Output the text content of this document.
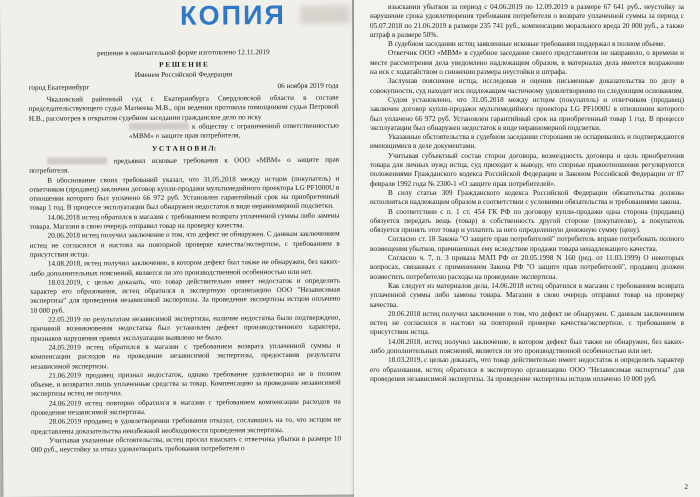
КОПИЯ

решение в окончательной форме изготовлено 12.11.2019

Р Е Ш Е Н И Е

Именем Российской Федерации

город Екатеринбург	06 ноября 2019 года

Чкаловский районный суд г. Екатеринбурга Свердловской области в составе председательствующего судьи Матвеева М.В., при ведении протокола помощником судьи Петровой Н.В., рассмотрев в открытом судебном заседании гражданское дело по иску

к обществу с ограниченной ответственностью «МВМ» о защите прав потребителя,

У С Т А Н О В И Л:

предъявил исковые требования к ООО «МВМ» о защите прав потребителя.

В обоснование своих требований указал, что 31.05.2018 между истцом (покупатель) и ответчиком (продавец) заключен договор купли-продажи мультимедийного проектора LG PF1000U в отношении которого был уплачено 66 972 руб. Установлен гарантийный срок на приобретенный товар 1 год. В процессе эксплуатации был обнаружен недостаток в виде неравномерной подсветки.

14.06.2018 истец обратился в магазин с требованием возврата уплаченной суммы либо замены товара. Магазин в свою очередь отправил товар на проверку качества.

20.06.2018 истец получил заключение о том, что дефект не обнаружен. С данным заключением истец не согласился и настоял на повторной проверке качества/экспертизе, с требованием в присутствии истца.

14.08.2018, истец получил заключение, в котором дефект был также не обнаружен, без каких-либо дополнительных пояснений, является ли это производственной особенностью или нет.

18.03.2019, с целью доказать, что товар действительно имеет недостаток и определить характер его образования, истец обратился в экспертную организацию ООО "Независимая экспертиза" для проведения независимой экспертизы. За проведение экспертизы истцом оплачено 10 000 руб.

22.05.2019 по результатам независимой экспертизы, наличие недостатка было подтверждено, причиной возникновения недостатка был установлен дефект производственного характера, признаков нарушения правил эксплуатации выявлено не было.

24.05.2019 истец обратился в магазин с требованием возврата уплаченной суммы и компенсации расходов на проведение независимой экспертизы, предоставив результаты независимой экспертизы.

21.06.2019 продавец признал недостаток, однако требование удовлетворил не в полном объеме, и возвратил лишь уплаченные средства за товар. Компенсацию за проведение независимой экспертизы истец не получил.

24.06.2019 истец повторно обратился в магазин с требованием компенсации расходов на проведение независимой экспертизы.

28.06.2019 продавец в удовлетворении требования отказал, сославшись на то, что истцом не представлены доказательства неизбежной необходимости проведения экспертизы.

Учитывая указанные обстоятельства, истец просил взыскать с ответчика убытки в размере 10 000 руб., неустойку за отказ удовлетворить требования потребителя о

взыскании убытков за период с 04.06.2019 по 12.09.2019 в размере 67 641 руб., неустойку за нарушение срока удовлетворения требования потребителя о возврате уплаченной суммы за период с 05.07.2018 по 21.06.2019 в размере 235 741 руб., компенсацию морального вреда 20 000 руб., а также штраф в размере 50%.

В судебном заседании истец заявленные исковые требования поддержал в полном объеме.

Ответчик ООО «МВМ» в судебное заседание своего представителя не направило, о времени и месте рассмотрения дела уведомлено надлежащим образом, в материалах дела имеется возражение на иск с ходатайством о снижении размера неустойки и штрафа.

Заслушав пояснения истца, исследовав и оценив письменные доказательства по делу в совокупности, суд находит иск подлежащим частичному удовлетворению по следующим основаниям.

Судом установлено, что 31.05.2018 между истцом (покупатель) и ответчиком (продавец) заключен договор купли-продажи мультимедийного проектора LG PF1000U в отношении которого был уплачено 66 972 руб. Установлен гарантийный срок на приобретенный товар 1 год. В процессе эксплуатации был обнаружен недостаток в виде неравномерной подсветки.

Указанные обстоятельства в судебном заседании сторонами не оспаривались и подтверждаются имеющимися в деле документами.

Учитывая субъектный состав сторон договора, возмездность договора и цель приобретения товара для личных нужд истца, суд приходит к выводу, что спорные правоотношения регулируются положениями Гражданского кодекса Российской Федерации и Законом Российской Федерации от 07 февраля 1992 года № 2300-1 «О защите прав потребителей».

В силу статьи 309 Гражданского кодекса Российской Федерации обязательства должны исполняться надлежащим образом в соответствии с условиями обязательства и требованиями закона.

В соответствии с п. 1 ст. 454 ГК РФ по договору купли-продажи одна сторона (продавец) обязуется передать вещь (товар) в собственность другой стороне (покупателю), а покупатель обязуется принять этот товар и уплатить за него определенную денежную сумму (цену).

Согласно ст. 18 Закона "О защите прав потребителей" потребитель вправе потребовать полного возмещения убытков, причиненных ему вследствие продажи товара ненадлежащего качества.

Согласно ч. 7, п. 3 приказа МАП РФ от 20.05.1998 N 160 (ред. от 11.03.1999) О некоторых вопросах, связанных с применением Закона РФ "О защите прав потребителей", продавец должен возместить потребителю расходы на проведение экспертизы.

Как следует из материалов дела, 14.06.2018 истец обратился в магазин с требованием возврата уплаченной суммы либо замены товара. Магазин в свою очередь отправил товар на проверку качества.

20.06.2018 истец получил заключение о том, что дефект не обнаружен. С данным заключением истец не согласился и настоял на повторной проверке качества/экспертизе, с требованием в присутствии истца.

14.08.2018, истец получил заключение, в котором дефект был также не обнаружен, без каких-либо дополнительных пояснений, является ли это производственной особенностью или нет.

18.03.2019, с целью доказать, что товар действительно имеет недостаток и определить характер его образования, истец обратился в экспертную организацию ООО "Независимая экспертиза" для проведения независимой экспертизы. За проведение экспертизы истцом оплачено 10 000 руб.

2
